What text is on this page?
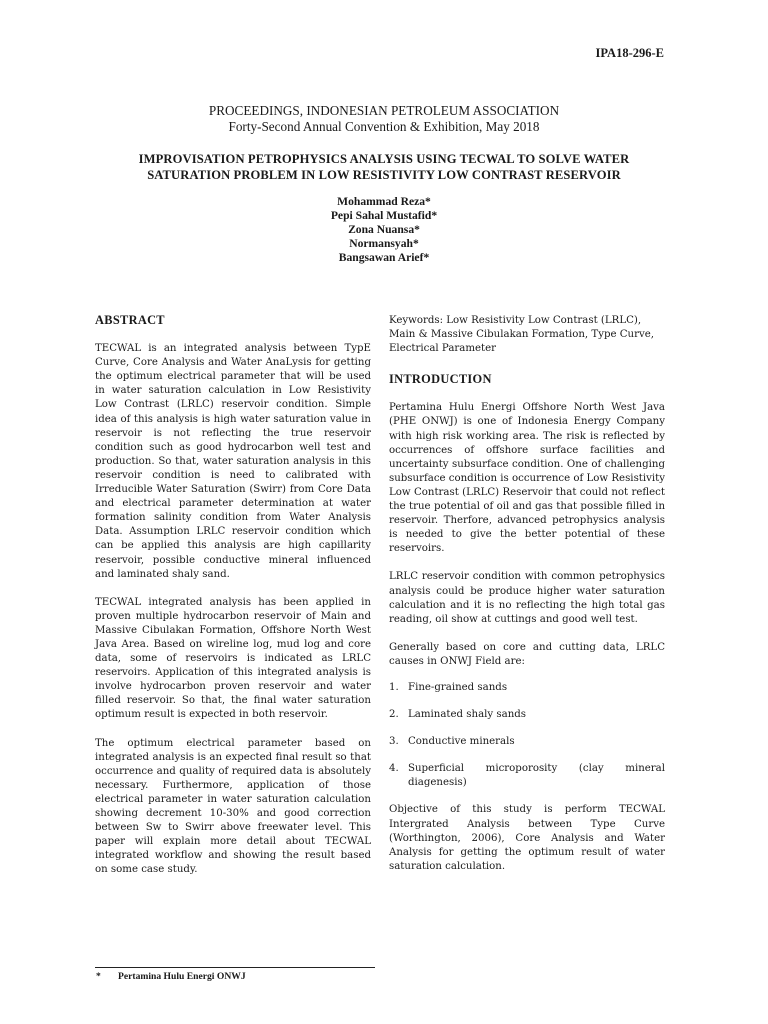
IPA18-296-E
PROCEEDINGS, INDONESIAN PETROLEUM ASSOCIATION
Forty-Second Annual Convention & Exhibition, May 2018
IMPROVISATION PETROPHYSICS ANALYSIS USING TECWAL TO SOLVE WATER
SATURATION PROBLEM IN LOW RESISTIVITY LOW CONTRAST RESERVOIR
Mohammad Reza*
Pepi Sahal Mustafid*
Zona Nuansa*
Normansyah*
Bangsawan Arief*
ABSTRACT

TECWAL is an integrated analysis between TypE Curve, Core Analysis and Water AnaLysis for getting the optimum electrical parameter that will be used in water saturation calculation in Low Resistivity Low Contrast (LRLC) reservoir condition. Simple idea of this analysis is high water saturation value in reservoir is not reflecting the true reservoir condition such as good hydrocarbon well test and production. So that, water saturation analysis in this reservoir condition is need to calibrated with Irreducible Water Saturation (Swirr) from Core Data and electrical parameter determination at water formation salinity condition from Water Analysis Data. Assumption LRLC reservoir condition which can be applied this analysis are high capillarity reservoir, possible conductive mineral influenced and laminated shaly sand.

TECWAL integrated analysis has been applied in proven multiple hydrocarbon reservoir of Main and Massive Cibulakan Formation, Offshore North West Java Area. Based on wireline log, mud log and core data, some of reservoirs is indicated as LRLC reservoirs. Application of this integrated analysis is involve hydrocarbon proven reservoir and water filled reservoir. So that, the final water saturation optimum result is expected in both reservoir.

The optimum electrical parameter based on integrated analysis is an expected final result so that occurrence and quality of required data is absolutely necessary. Furthermore, application of those electrical parameter in water saturation calculation showing decrement 10-30% and good correction between Sw to Swirr above freewater level. This paper will explain more detail about TECWAL integrated workflow and showing the result based on some case study.

Keywords: Low Resistivity Low Contrast (LRLC), Main & Massive Cibulakan Formation, Type Curve, Electrical Parameter

INTRODUCTION

Pertamina Hulu Energi Offshore North West Java (PHE ONWJ) is one of Indonesia Energy Company with high risk working area. The risk is reflected by occurrences of offshore surface facilities and uncertainty subsurface condition. One of challenging subsurface condition is occurrence of Low Resistivity Low Contrast (LRLC) Reservoir that could not reflect the true potential of oil and gas that possible filled in reservoir. Therfore, advanced petrophysics analysis is needed to give the better potential of these reservoirs.

LRLC reservoir condition with common petrophysics analysis could be produce higher water saturation calculation and it is no reflecting the high total gas reading, oil show at cuttings and good well test.

Generally based on core and cutting data, LRLC causes in ONWJ Field are:

1. Fine-grained sands
2. Laminated shaly sands
3. Conductive minerals
4. Superficial microporosity (clay mineral diagenesis)

Objective of this study is perform TECWAL Intergrated Analysis between Type Curve (Worthington, 2006), Core Analysis and Water Analysis for getting the optimum result of water saturation calculation.

* Pertamina Hulu Energi ONWJ
